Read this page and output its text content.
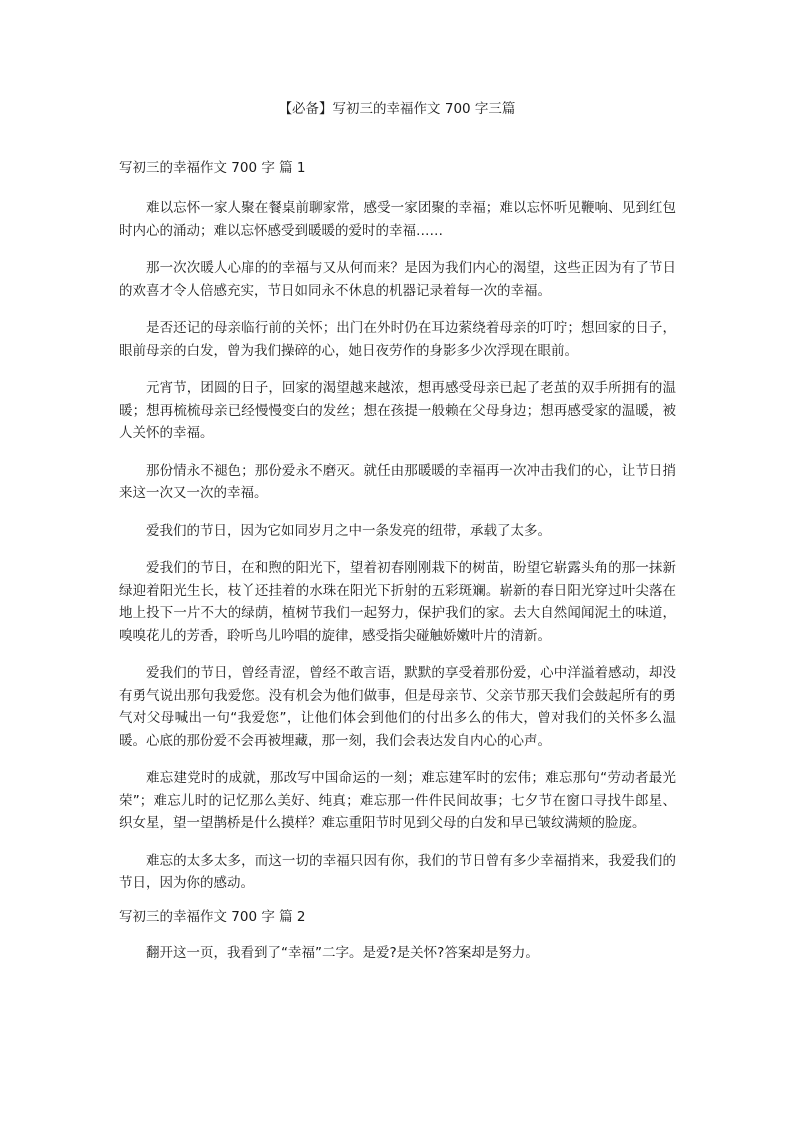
【必备】写初三的幸福作文 700 字三篇

写初三的幸福作文 700 字 篇 1

难以忘怀一家人聚在餐桌前聊家常，感受一家团聚的幸福；难以忘怀听见鞭响、见到红包时内心的涌动；难以忘怀感受到暖暖的爱时的幸福……

那一次次暖人心扉的的幸福与又从何而来？是因为我们内心的渴望，这些正因为有了节日的欢喜才令人倍感充实，节日如同永不休息的机器记录着每一次的幸福。

是否还记的母亲临行前的关怀；出门在外时仍在耳边萦绕着母亲的叮咛；想回家的日子，眼前母亲的白发，曾为我们操碎的心，她日夜劳作的身影多少次浮现在眼前。

元宵节，团圆的日子，回家的渴望越来越浓，想再感受母亲已起了老茧的双手所拥有的温暖；想再梳梳母亲已经慢慢变白的发丝；想在孩提一般赖在父母身边；想再感受家的温暖，被人关怀的幸福。

那份情永不褪色；那份爱永不磨灭。就任由那暖暖的幸福再一次冲击我们的心，让节日捎来这一次又一次的幸福。

爱我们的节日，因为它如同岁月之中一条发亮的纽带，承载了太多。

爱我们的节日，在和煦的阳光下，望着初春刚刚栽下的树苗，盼望它崭露头角的那一抹新绿迎着阳光生长，枝丫还挂着的水珠在阳光下折射的五彩斑斓。崭新的春日阳光穿过叶尖落在地上投下一片不大的绿荫，植树节我们一起努力，保护我们的家。去大自然闻闻泥土的味道，嗅嗅花儿的芳香，聆听鸟儿吟唱的旋律，感受指尖碰触娇嫩叶片的清新。

爱我们的节日，曾经青涩，曾经不敢言语，默默的享受着那份爱，心中洋溢着感动，却没有勇气说出那句我爱您。没有机会为他们做事，但是母亲节、父亲节那天我们会鼓起所有的勇气对父母喊出一句“我爱您”，让他们体会到他们的付出多么的伟大，曾对我们的关怀多么温暖。心底的那份爱不会再被埋藏，那一刻，我们会表达发自内心的心声。

难忘建党时的成就，那改写中国命运的一刻；难忘建军时的宏伟；难忘那句“劳动者最光荣”；难忘儿时的记忆那么美好、纯真；难忘那一件件民间故事；七夕节在窗口寻找牛郎星、织女星，望一望鹊桥是什么摸样？难忘重阳节时见到父母的白发和早已皱纹满颊的脸庞。

难忘的太多太多，而这一切的幸福只因有你，我们的节日曾有多少幸福捎来，我爱我们的节日，因为你的感动。

写初三的幸福作文 700 字 篇 2

翻开这一页，我看到了“幸福”二字。是爱?是关怀?答案却是努力。
